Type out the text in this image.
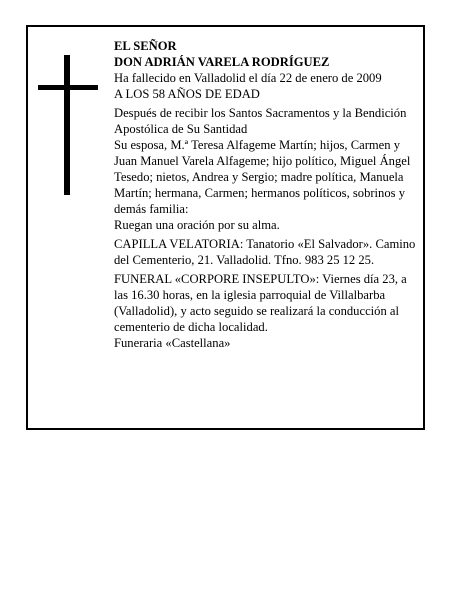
EL SEÑOR

DON ADRIÁN VARELA RODRÍGUEZ

Ha fallecido en Valladolid el día 22 de enero de 2009

A LOS 58 AÑOS DE EDAD

Después de recibir los Santos Sacramentos y la Bendición Apostólica de Su Santidad

Su esposa, M.ª Teresa Alfageme Martín; hijos, Carmen y Juan Manuel Varela Alfageme; hijo político, Miguel Ángel Tesedo; nietos, Andrea y Sergio; madre política, Manuela Martín; hermana, Carmen; hermanos políticos, sobrinos y demás familia:

Ruegan una oración por su alma.

CAPILLA VELATORIA: Tanatorio «El Salvador». Camino del Cementerio, 21. Valladolid. Tfno. 983 25 12 25.

FUNERAL «CORPORE INSEPULTO»: Viernes día 23, a las 16.30 horas, en la iglesia parroquial de Villalbarba (Valladolid), y acto seguido se realizará la conducción al cementerio de dicha localidad.

Funeraria «Castellana»
